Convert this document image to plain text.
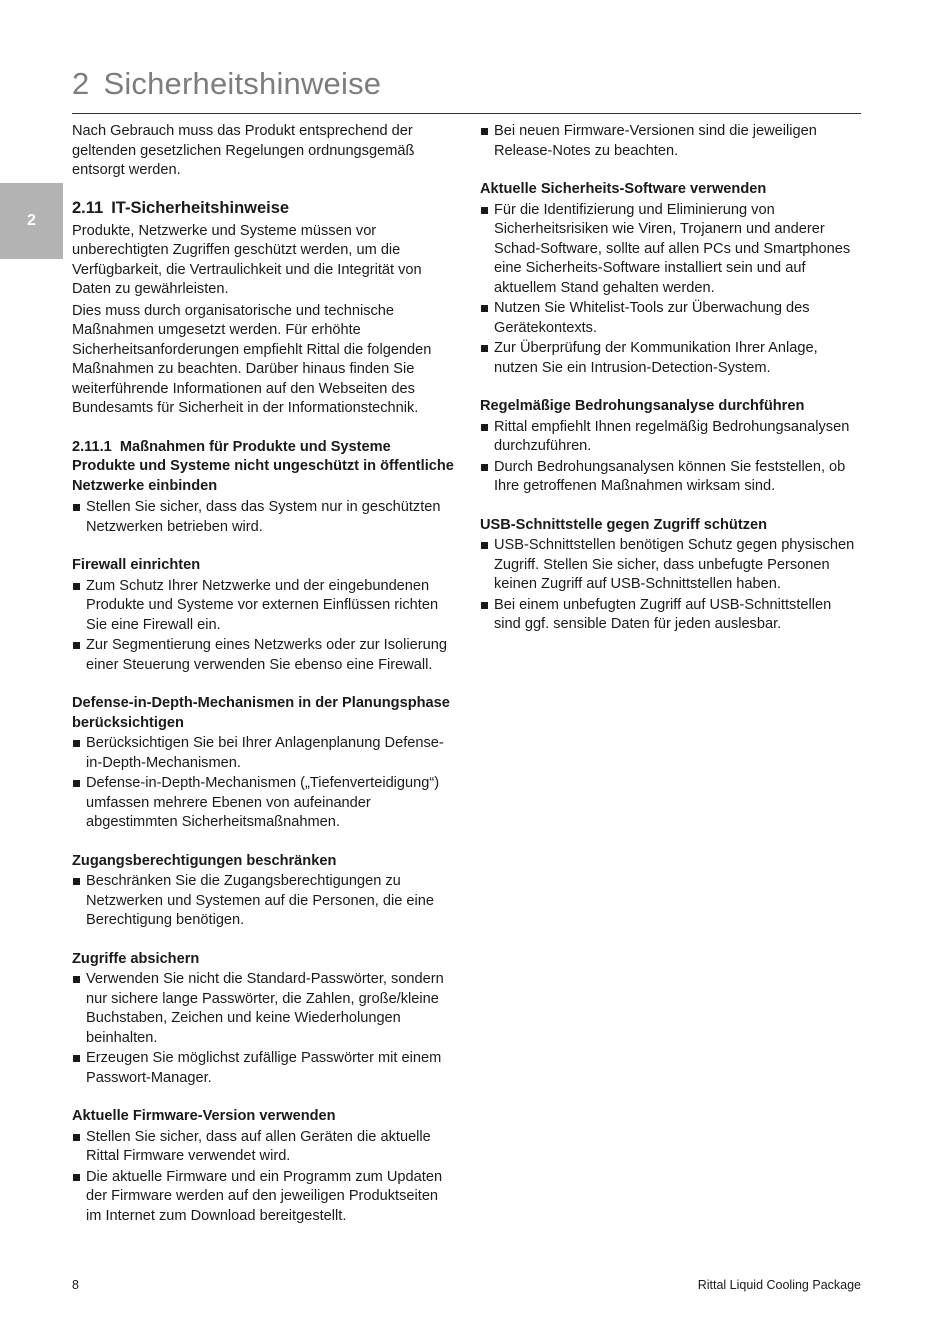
2 Sicherheitshinweise
2

Nach Gebrauch muss das Produkt entsprechend der geltenden gesetzlichen Regelungen ordnungsgemäß entsorgt werden.

2.11 IT-Sicherheitshinweise

Produkte, Netzwerke und Systeme müssen vor unberechtigten Zugriffen geschützt werden, um die Verfügbarkeit, die Vertraulichkeit und die Integrität von Daten zu gewährleisten.

Dies muss durch organisatorische und technische Maßnahmen umgesetzt werden. Für erhöhte Sicherheitsanforderungen empfiehlt Rittal die folgenden Maßnahmen zu beachten. Darüber hinaus finden Sie weiterführende Informationen auf den Webseiten des Bundesamts für Sicherheit in der Informationstechnik.

2.11.1 Maßnahmen für Produkte und Systeme
Produkte und Systeme nicht ungeschützt in öffentliche Netzwerke einbinden
Stellen Sie sicher, dass das System nur in geschützten Netzwerken betrieben wird.
Firewall einrichten
Zum Schutz Ihrer Netzwerke und der eingebundenen Produkte und Systeme vor externen Einflüssen richten Sie eine Firewall ein.
Zur Segmentierung eines Netzwerks oder zur Isolierung einer Steuerung verwenden Sie ebenso eine Firewall.
Defense-in-Depth-Mechanismen in der Planungsphase berücksichtigen
Berücksichtigen Sie bei Ihrer Anlagenplanung Defense-in-Depth-Mechanismen.
Defense-in-Depth-Mechanismen („Tiefenverteidigung“) umfassen mehrere Ebenen von aufeinander abgestimmten Sicherheitsmaßnahmen.
Zugangsberechtigungen beschränken
Beschränken Sie die Zugangsberechtigungen zu Netzwerken und Systemen auf die Personen, die eine Berechtigung benötigen.
Zugriffe absichern
Verwenden Sie nicht die Standard-Passwörter, sondern nur sichere lange Passwörter, die Zahlen, große/kleine Buchstaben, Zeichen und keine Wiederholungen beinhalten.
Erzeugen Sie möglichst zufällige Passwörter mit einem Passwort-Manager.
Aktuelle Firmware-Version verwenden
Stellen Sie sicher, dass auf allen Geräten die aktuelle Rittal Firmware verwendet wird.
Die aktuelle Firmware und ein Programm zum Updaten der Firmware werden auf den jeweiligen Produktseiten im Internet zum Download bereitgestellt.
Bei neuen Firmware-Versionen sind die jeweiligen Release-Notes zu beachten.
Aktuelle Sicherheits-Software verwenden
Für die Identifizierung und Eliminierung von Sicherheitsrisiken wie Viren, Trojanern und anderer Schad-Software, sollte auf allen PCs und Smartphones eine Sicherheits-Software installiert sein und auf aktuellem Stand gehalten werden.
Nutzen Sie Whitelist-Tools zur Überwachung des Gerätekontexts.
Zur Überprüfung der Kommunikation Ihrer Anlage, nutzen Sie ein Intrusion-Detection-System.
Regelmäßige Bedrohungsanalyse durchführen
Rittal empfiehlt Ihnen regelmäßig Bedrohungsanalysen durchzuführen.
Durch Bedrohungsanalysen können Sie feststellen, ob Ihre getroffenen Maßnahmen wirksam sind.
USB-Schnittstelle gegen Zugriff schützen
USB-Schnittstellen benötigen Schutz gegen physischen Zugriff. Stellen Sie sicher, dass unbefugte Personen keinen Zugriff auf USB-Schnittstellen haben.
Bei einem unbefugten Zugriff auf USB-Schnittstellen sind ggf. sensible Daten für jeden auslesbar.
8	Rittal Liquid Cooling Package
